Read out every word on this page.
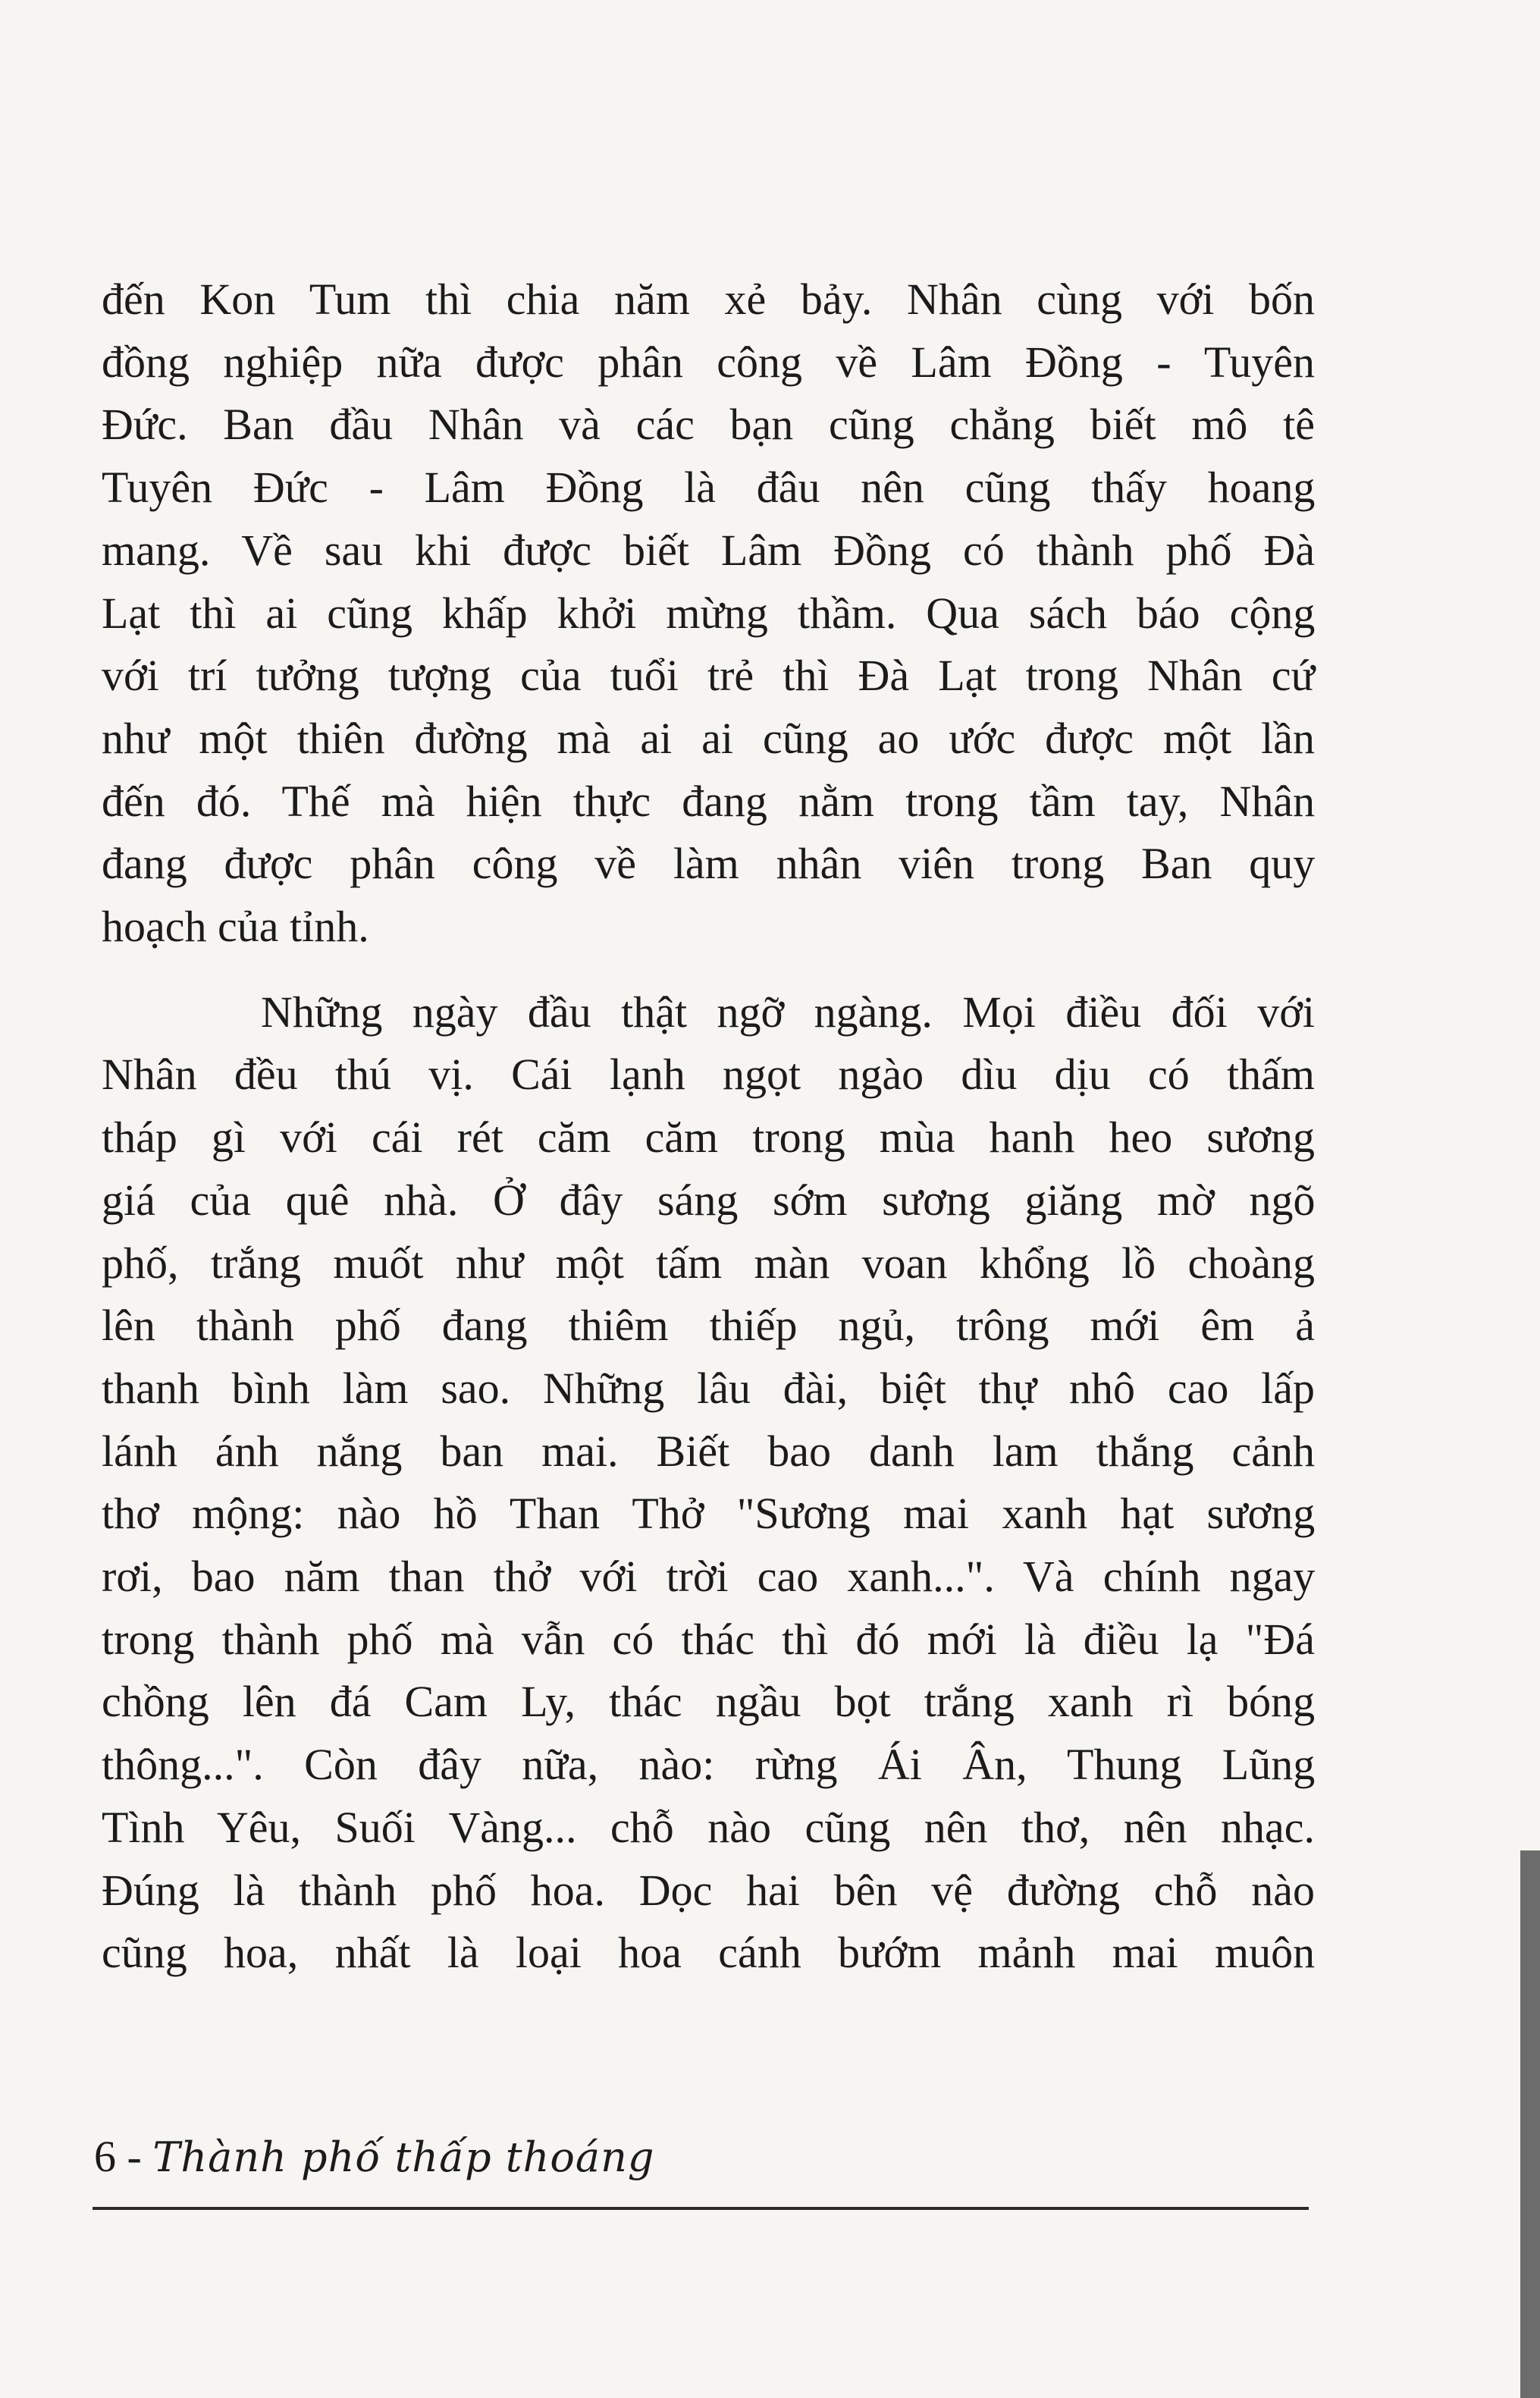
đến Kon Tum thì chia năm xẻ bảy. Nhân cùng với bốn
đồng nghiệp nữa được phân công về Lâm Đồng - Tuyên
Đức. Ban đầu Nhân và các bạn cũng chẳng biết mô tê
Tuyên Đức - Lâm Đồng là đâu nên cũng thấy hoang
mang. Về sau khi được biết Lâm Đồng có thành phố Đà
Lạt thì ai cũng khấp khởi mừng thầm. Qua sách báo cộng
với trí tưởng tượng của tuổi trẻ thì Đà Lạt trong Nhân cứ
như một thiên đường mà ai ai cũng ao ước được một lần
đến đó. Thế mà hiện thực đang nằm trong tầm tay, Nhân
đang được phân công về làm nhân viên trong Ban quy
hoạch của tỉnh.

Những ngày đầu thật ngỡ ngàng. Mọi điều đối với
Nhân đều thú vị. Cái lạnh ngọt ngào dìu dịu có thấm
tháp gì với cái rét căm căm trong mùa hanh heo sương
giá của quê nhà. Ở đây sáng sớm sương giăng mờ ngõ
phố, trắng muốt như một tấm màn voan khổng lồ choàng
lên thành phố đang thiêm thiếp ngủ, trông mới êm ả
thanh bình làm sao. Những lâu đài, biệt thự nhô cao lấp
lánh ánh nắng ban mai. Biết bao danh lam thắng cảnh
thơ mộng: nào hồ Than Thở "Sương mai xanh hạt sương
rơi, bao năm than thở với trời cao xanh...". Và chính ngay
trong thành phố mà vẫn có thác thì đó mới là điều lạ "Đá
chồng lên đá Cam Ly, thác ngầu bọt trắng xanh rì bóng
thông...". Còn đây nữa, nào: rừng Ái Ân, Thung Lũng
Tình Yêu, Suối Vàng... chỗ nào cũng nên thơ, nên nhạc.
Đúng là thành phố hoa. Dọc hai bên vệ đường chỗ nào
cũng hoa, nhất là loại hoa cánh bướm mảnh mai muôn

6 - Thành phố thấp thoáng
